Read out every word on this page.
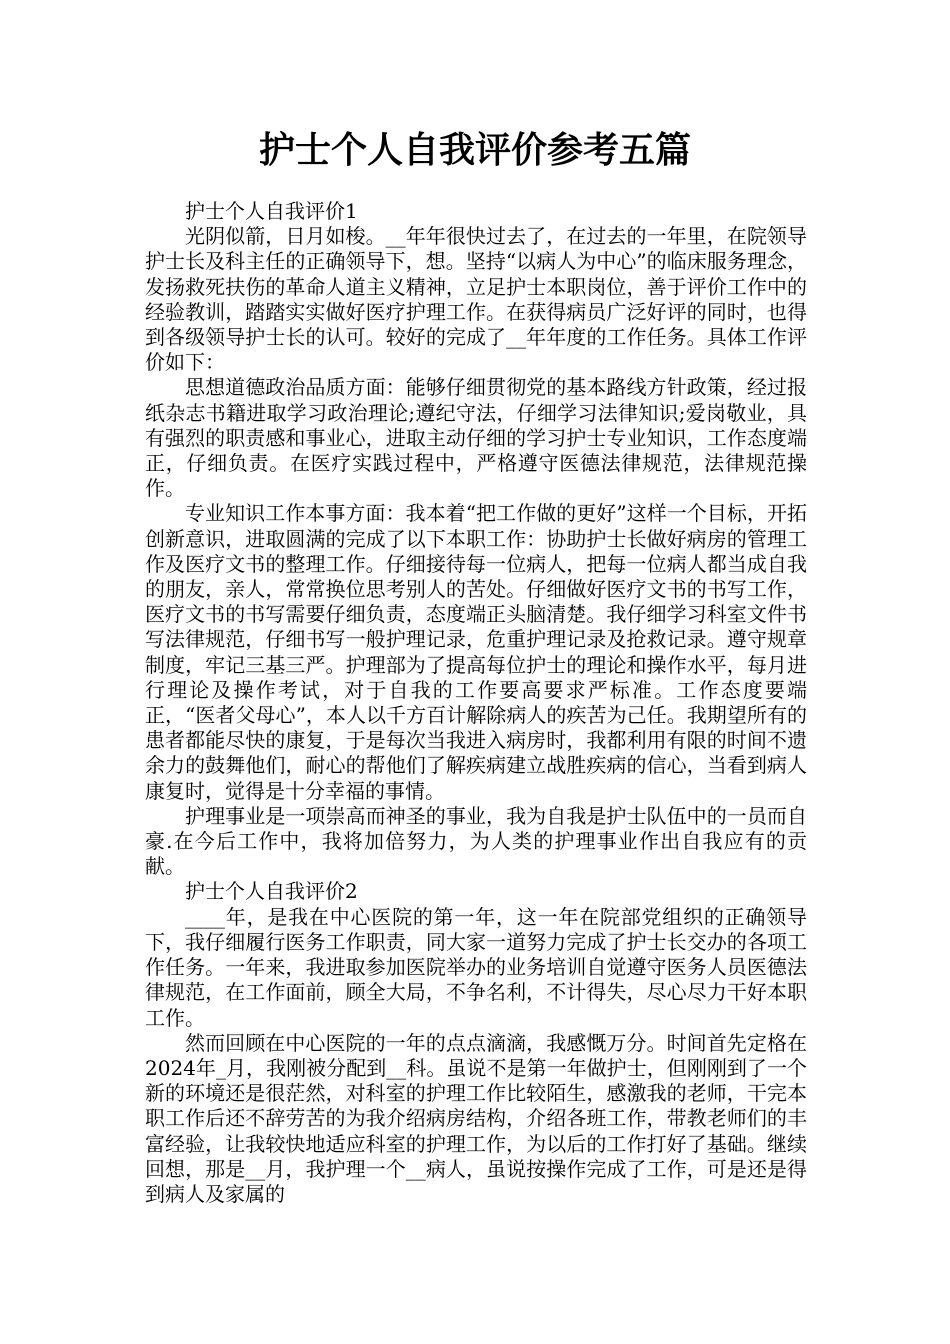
护士个人自我评价参考五篇

护士个人自我评价1

光阴似箭，日月如梭。__年年很快过去了，在过去的一年里，在院领导护士长及科主任的正确领导下，想。坚持“以病人为中心”的临床服务理念，发扬救死扶伤的革命人道主义精神，立足护士本职岗位，善于评价工作中的经验教训，踏踏实实做好医疗护理工作。在获得病员广泛好评的同时，也得到各级领导护士长的认可。较好的完成了__年年度的工作任务。具体工作评价如下：

思想道德政治品质方面：能够仔细贯彻党的基本路线方针政策，经过报纸杂志书籍进取学习政治理论;遵纪守法，仔细学习法律知识;爱岗敬业，具有强烈的职责感和事业心，进取主动仔细的学习护士专业知识，工作态度端正，仔细负责。在医疗实践过程中，严格遵守医德法律规范，法律规范操作。

专业知识工作本事方面：我本着“把工作做的更好”这样一个目标，开拓创新意识，进取圆满的完成了以下本职工作：协助护士长做好病房的管理工作及医疗文书的整理工作。仔细接待每一位病人，把每一位病人都当成自我的朋友，亲人，常常换位思考别人的苦处。仔细做好医疗文书的书写工作，医疗文书的书写需要仔细负责，态度端正头脑清楚。我仔细学习科室文件书写法律规范，仔细书写一般护理记录，危重护理记录及抢救记录。遵守规章制度，牢记三基三严。护理部为了提高每位护士的理论和操作水平，每月进行理论及操作考试，对于自我的工作要高要求严标准。工作态度要端正，“医者父母心”，本人以千方百计解除病人的疾苦为己任。我期望所有的患者都能尽快的康复，于是每次当我进入病房时，我都利用有限的时间不遗余力的鼓舞他们，耐心的帮他们了解疾病建立战胜疾病的信心，当看到病人康复时，觉得是十分幸福的事情。

护理事业是一项崇高而神圣的事业，我为自我是护士队伍中的一员而自豪.在今后工作中，我将加倍努力，为人类的护理事业作出自我应有的贡献。

护士个人自我评价2

____年，是我在中心医院的第一年，这一年在院部党组织的正确领导下，我仔细履行医务工作职责，同大家一道努力完成了护士长交办的各项工作任务。一年来，我进取参加医院举办的业务培训自觉遵守医务人员医德法律规范，在工作面前，顾全大局，不争名利，不计得失，尽心尽力干好本职工作。

然而回顾在中心医院的一年的点点滴滴，我感慨万分。时间首先定格在2024年_月，我刚被分配到__科。虽说不是第一年做护士，但刚刚到了一个新的环境还是很茫然，对科室的护理工作比较陌生，感激我的老师，干完本职工作后还不辞劳苦的为我介绍病房结构，介绍各班工作，带教老师们的丰富经验，让我较快地适应科室的护理工作，为以后的工作打好了基础。继续回想，那是__月，我护理一个__病人，虽说按操作完成了工作，可是还是得到病人及家属的
